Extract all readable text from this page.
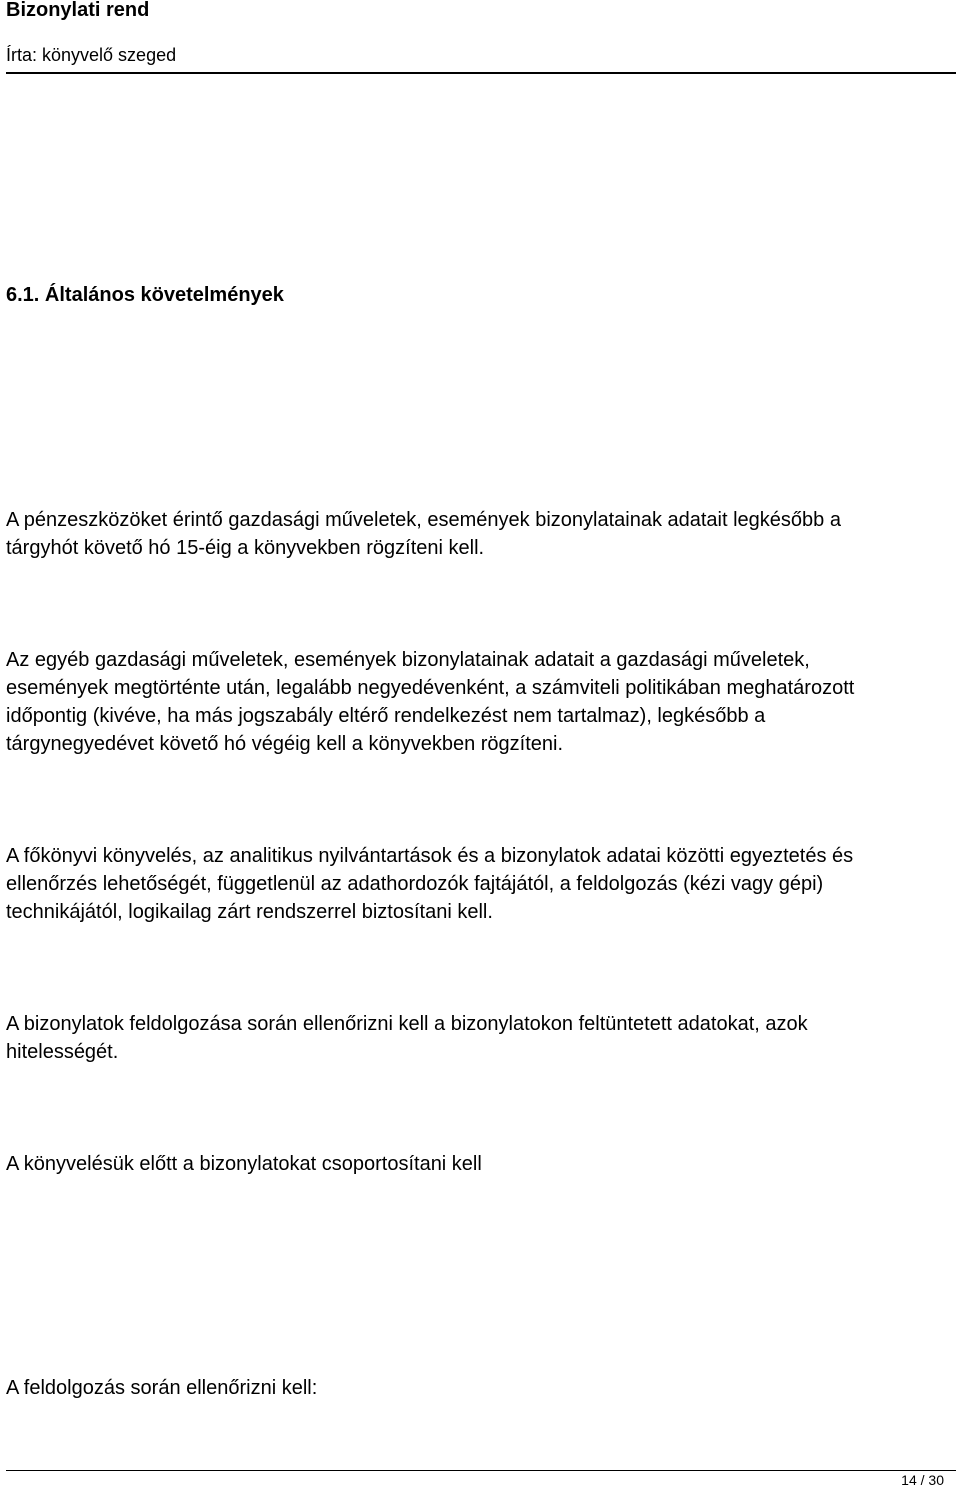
Bizonylati rend

Írta: könyvelő szeged

6.1. Általános követelmények

A pénzeszközöket érintő gazdasági műveletek, események bizonylatainak adatait legkésőbb a
tárgyhót követő hó 15-éig a könyvekben rögzíteni kell.

Az egyéb gazdasági műveletek, események bizonylatainak adatait a gazdasági műveletek,
események megtörténte után, legalább negyedévenként, a számviteli politikában meghatározott
időpontig (kivéve, ha más jogszabály eltérő rendelkezést nem tartalmaz), legkésőbb a
tárgynegyedévet követő hó végéig kell a könyvekben rögzíteni.

A főkönyvi könyvelés, az analitikus nyilvántartások és a bizonylatok adatai közötti egyeztetés és
ellenőrzés lehetőségét, függetlenül az adathordozók fajtájától, a feldolgozás (kézi vagy gépi)
technikájától, logikailag zárt rendszerrel biztosítani kell.

A bizonylatok feldolgozása során ellenőrizni kell a bizonylatokon feltüntetett adatokat, azok
hitelességét.

A könyvelésük előtt a bizonylatokat csoportosítani kell

A feldolgozás során ellenőrizni kell:

14 / 30
